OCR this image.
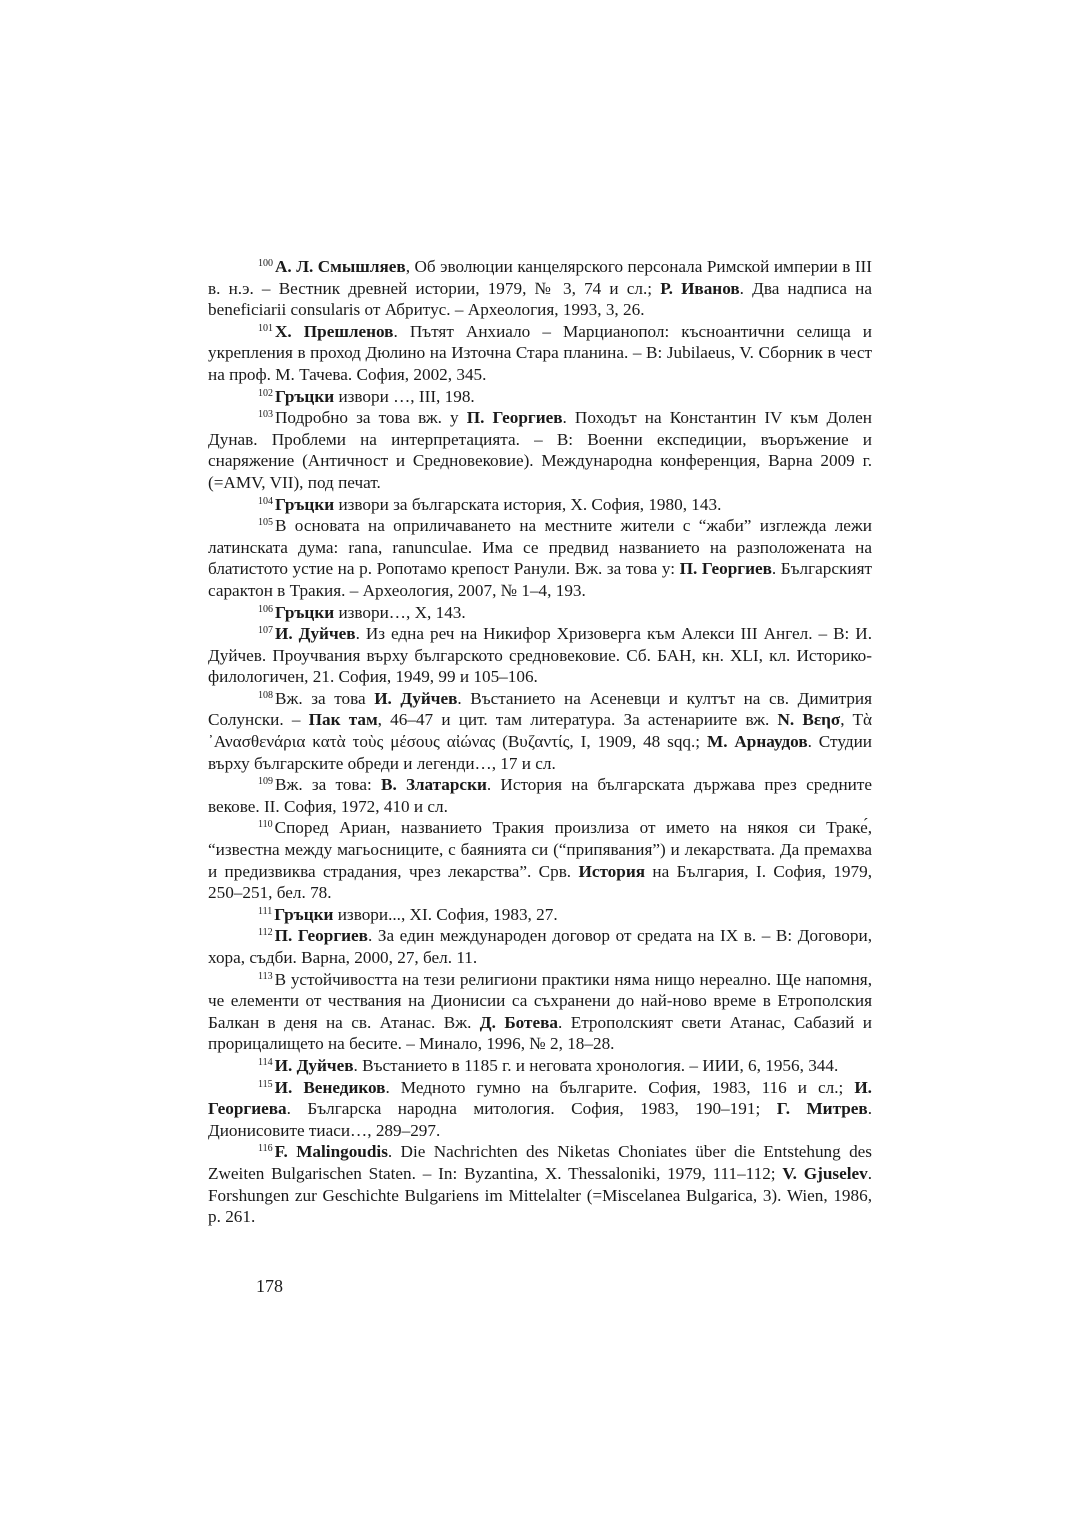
$^{100}$ А. Л. Смышляев, Об эволюции канцелярского персонала Римской империи в III в. н.э. – Вестник древней истории, 1979, № 3, 74 и сл.; Р. Иванов. Два надписа на beneficiarii consularis от Абритус. – Археология, 1993, 3, 26.

$^{101}$ Х. Прешленов. Пътят Анхиало – Марцианопол: късноантични селища и укрепления в проход Дюлино на Източна Стара планина. – В: Jubilaeus, V. Сборник в чест на проф. М. Тачева. София, 2002, 345.

$^{102}$ Гръцки извори …, III, 198.

$^{103}$ Подробно за това вж. у П. Георгиев. Походът на Константин IV към Долен Дунав. Проблеми на интерпретацията. – В: Военни експедиции, въоръжение и снаряжение (Античност и Средновековие). Международна конференция, Варна 2009 г. (=AMV, VII), под печат.

$^{104}$ Гръцки извори за българската история, Х. София, 1980, 143.

$^{105}$ В основата на оприличаването на местните жители с “жаби” изглежда лежи латинската дума: rana, ranunculae. Има се предвид названието на разположената на блатистото устие на р. Ропотамо крепост Ранули. Вж. за това у: П. Георгиев. Българският сарактон в Тракия. – Археология, 2007, № 1–4, 193.

$^{106}$ Гръцки извори…, X, 143.

$^{107}$ И. Дуйчев. Из една реч на Никифор Хризоверга към Алекси III Ангел. – В: И. Дуйчев. Проучвания върху българското средновековие. Сб. БАН, кн. XLI, кл. Историко-филологичен, 21. София, 1949, 99 и 105–106.

$^{108}$ Вж. за това И. Дуйчев. Въстанието на Асеневци и култът на св. Димитрия Солунски. – Пак там, 46–47 и цит. там литература. За астенариите вж. Ν. Βεησ, Τὰ ᾿Ανασθενάρια κατὰ τοὺς μέσους αἰώνας (Βυζαντίς, Ι, 1909, 48 sqq.; М. Арнаудов. Студии върху българските обреди и легенди…, 17 и сл.

$^{109}$ Вж. за това: В. Златарски. История на българската държава през средните векове. II. София, 1972, 410 и сл.

$^{110}$ Според Ариан, названието Тракия произлиза от името на някоя си Траке́, “известна между магьосниците, с баянията си (“припявания”) и лекарствата. Да премахва и предизвиква страдания, чрез лекарства”. Срв. История на България, I. София, 1979, 250–251, бел. 78.

$^{111}$ Гръцки извори..., XI. София, 1983, 27.

$^{112}$ П. Георгиев. За един международен договор от средата на IX в. – В: Договори, хора, съдби. Варна, 2000, 27, бел. 11.

$^{113}$ В устойчивостта на тези религиони практики няма нищо нереално. Ще напомня, че елементи от чествания на Дионисии са съхранени до най-ново време в Етрополския Балкан в деня на св. Атанас. Вж. Д. Ботева. Етрополският свети Атанас, Сабазий и прорицалището на бесите. – Минало, 1996, № 2, 18–28.

$^{114}$ И. Дуйчев. Въстанието в 1185 г. и неговата хронология. – ИИИ, 6, 1956, 344.

$^{115}$ И. Венедиков. Медното гумно на българите. София, 1983, 116 и сл.; И. Георгиева. Българска народна митология. София, 1983, 190–191; Г. Митрев. Дионисовите тиаси…, 289–297.

$^{116}$ F. Malingoudis. Die Nachrichten des Niketas Choniates über die Entstehung des Zweiten Bulgarischen Staten. – In: Byzantina, X. Thessaloniki, 1979, 111–112; V. Gjuselev. Forshungen zur Geschichte Bulgariens im Mittelalter (=Miscelanea Bulgarica, 3). Wien, 1986, p. 261.

178
